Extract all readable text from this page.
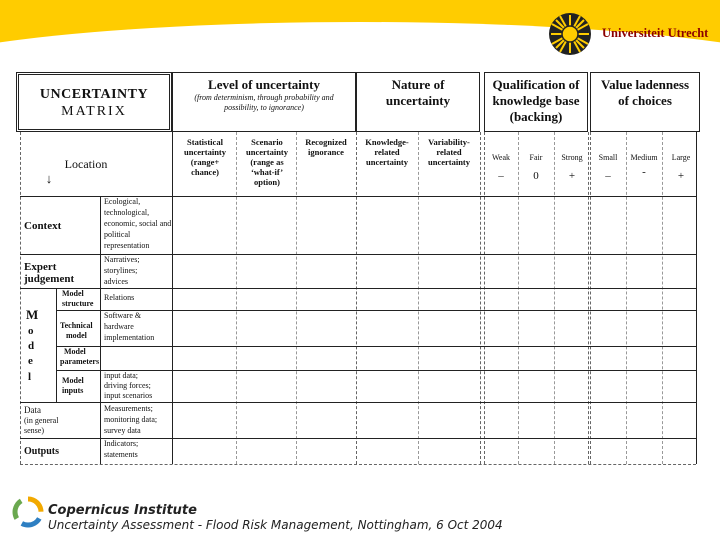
Universiteit Utrecht
UNCERTAINTY
MATRIX
Level of uncertainty
(from determinism, through probability and
possibility, to ignorance)
Nature of
uncertainty
Qualification of
knowledge base
(backing)
Value ladenness
of choices
Location
↓
Statistical
uncertainty
(range+
chance)
Scenario
uncertainty
(range as
‘what-if’
option)
Recognized
ignorance
Knowledge-
related
uncertainty
Variability-
related
uncertainty	Weak
–
Fair
0
Strong
+
Small
–
Medium
-
Large
+
Context
Ecological,
technological,
economic, social and
political
representation
Expert
judgement
Narratives;
storylines;
advices
M
o
d
e
l
Model
structure
Relations
Technical
model
Software &
hardware
implementation
Model
parameters
Model
inputs
input data;
driving forces;
input scenarios
Data
(in general
sense)
Measurements;
monitoring data;
survey data
Outputs
Indicators;
statements
Copernicus Institute
Uncertainty Assessment - Flood Risk Management, Nottingham, 6 Oct 2004
